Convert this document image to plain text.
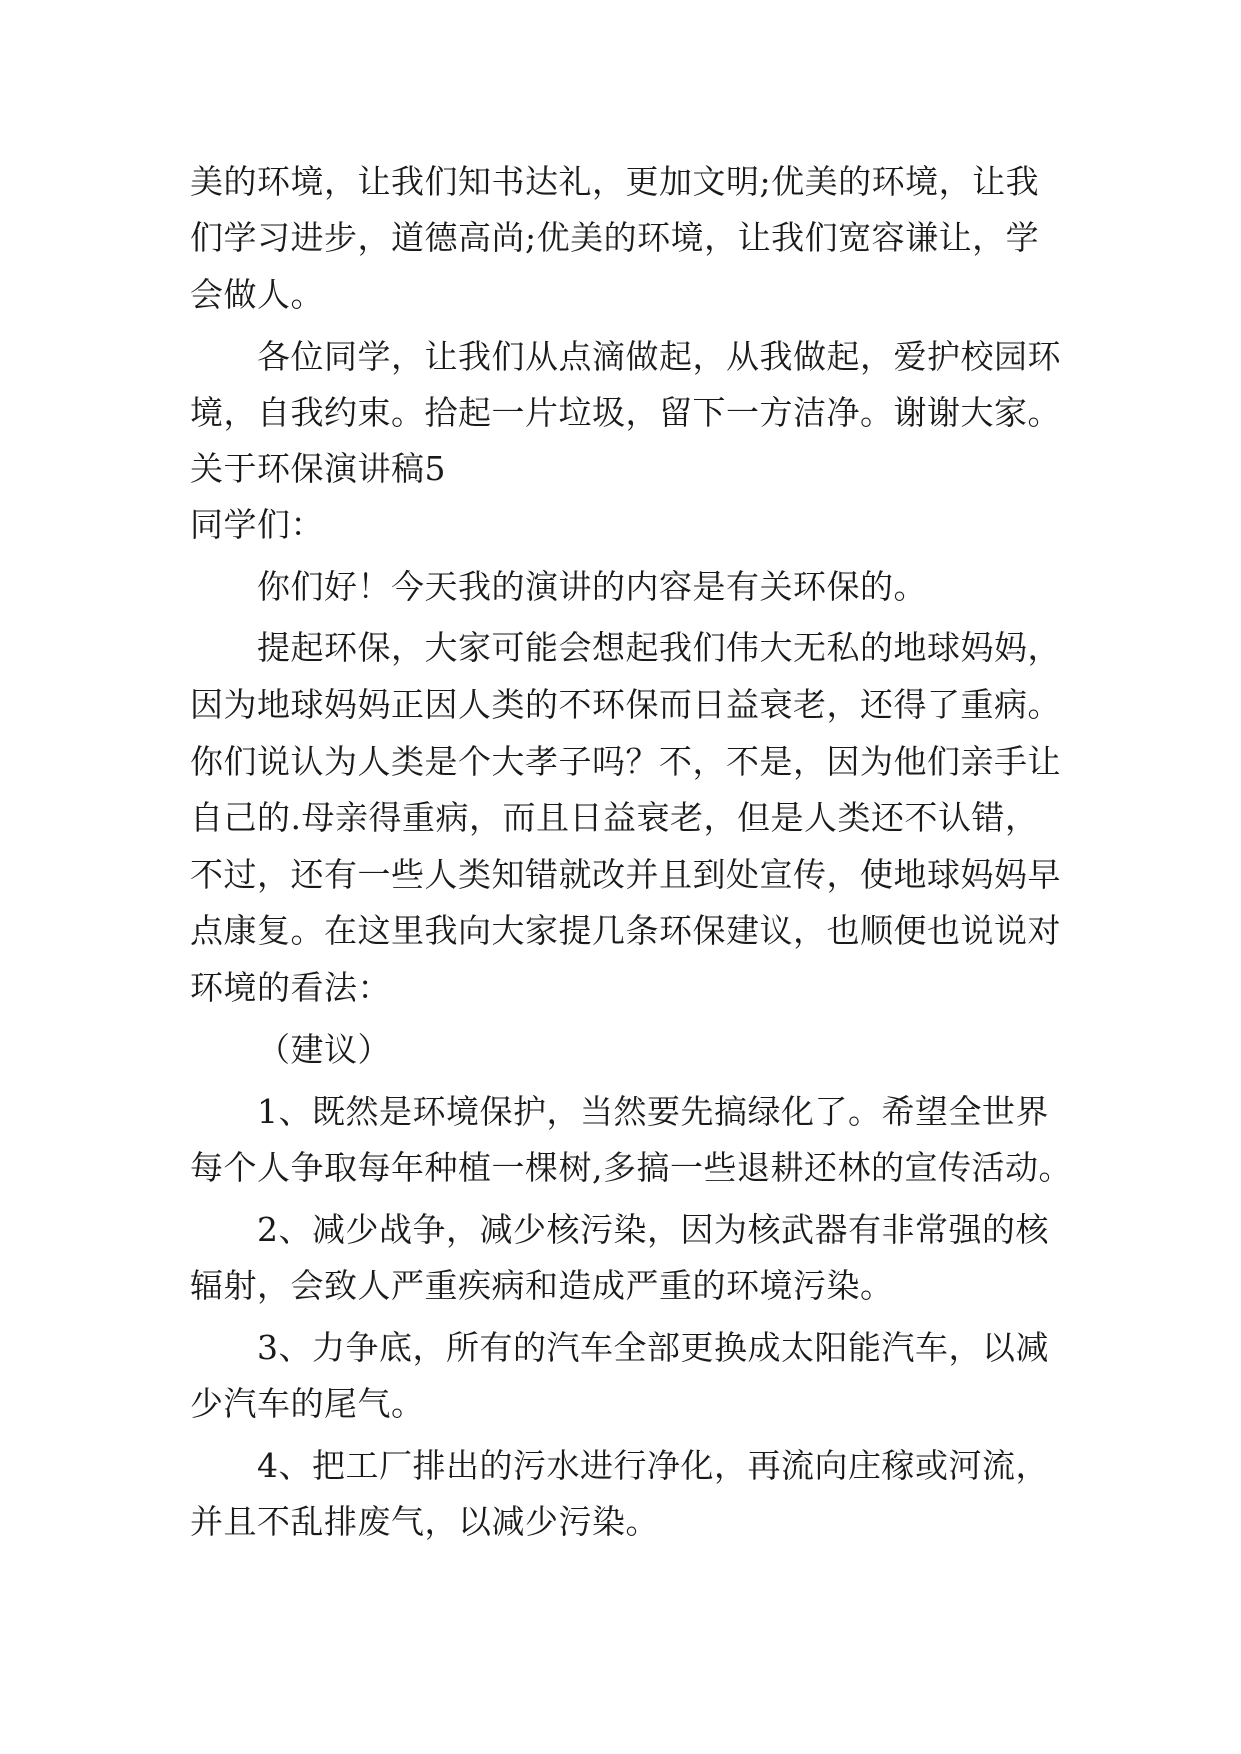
美的环境，让我们知书达礼，更加文明;优美的环境，让我
们学习进步，道德高尚;优美的环境，让我们宽容谦让，学
会做人。
各位同学，让我们从点滴做起，从我做起，爱护校园环
境，自我约束。拾起一片垃圾，留下一方洁净。谢谢大家。
关于环保演讲稿5
同学们：
你们好！今天我的演讲的内容是有关环保的。
提起环保，大家可能会想起我们伟大无私的地球妈妈，
因为地球妈妈正因人类的不环保而日益衰老，还得了重病。
你们说认为人类是个大孝子吗？不，不是，因为他们亲手让
自己的.母亲得重病，而且日益衰老，但是人类还不认错，
不过，还有一些人类知错就改并且到处宣传，使地球妈妈早
点康复。在这里我向大家提几条环保建议，也顺便也说说对
环境的看法：
（建议）
1、既然是环境保护，当然要先搞绿化了。希望全世界
每个人争取每年种植一棵树,多搞一些退耕还林的宣传活动。
2、减少战争，减少核污染，因为核武器有非常强的核
辐射，会致人严重疾病和造成严重的环境污染。
3、力争底，所有的汽车全部更换成太阳能汽车，以减
少汽车的尾气。
4、把工厂排出的污水进行净化，再流向庄稼或河流，
并且不乱排废气，以减少污染。
